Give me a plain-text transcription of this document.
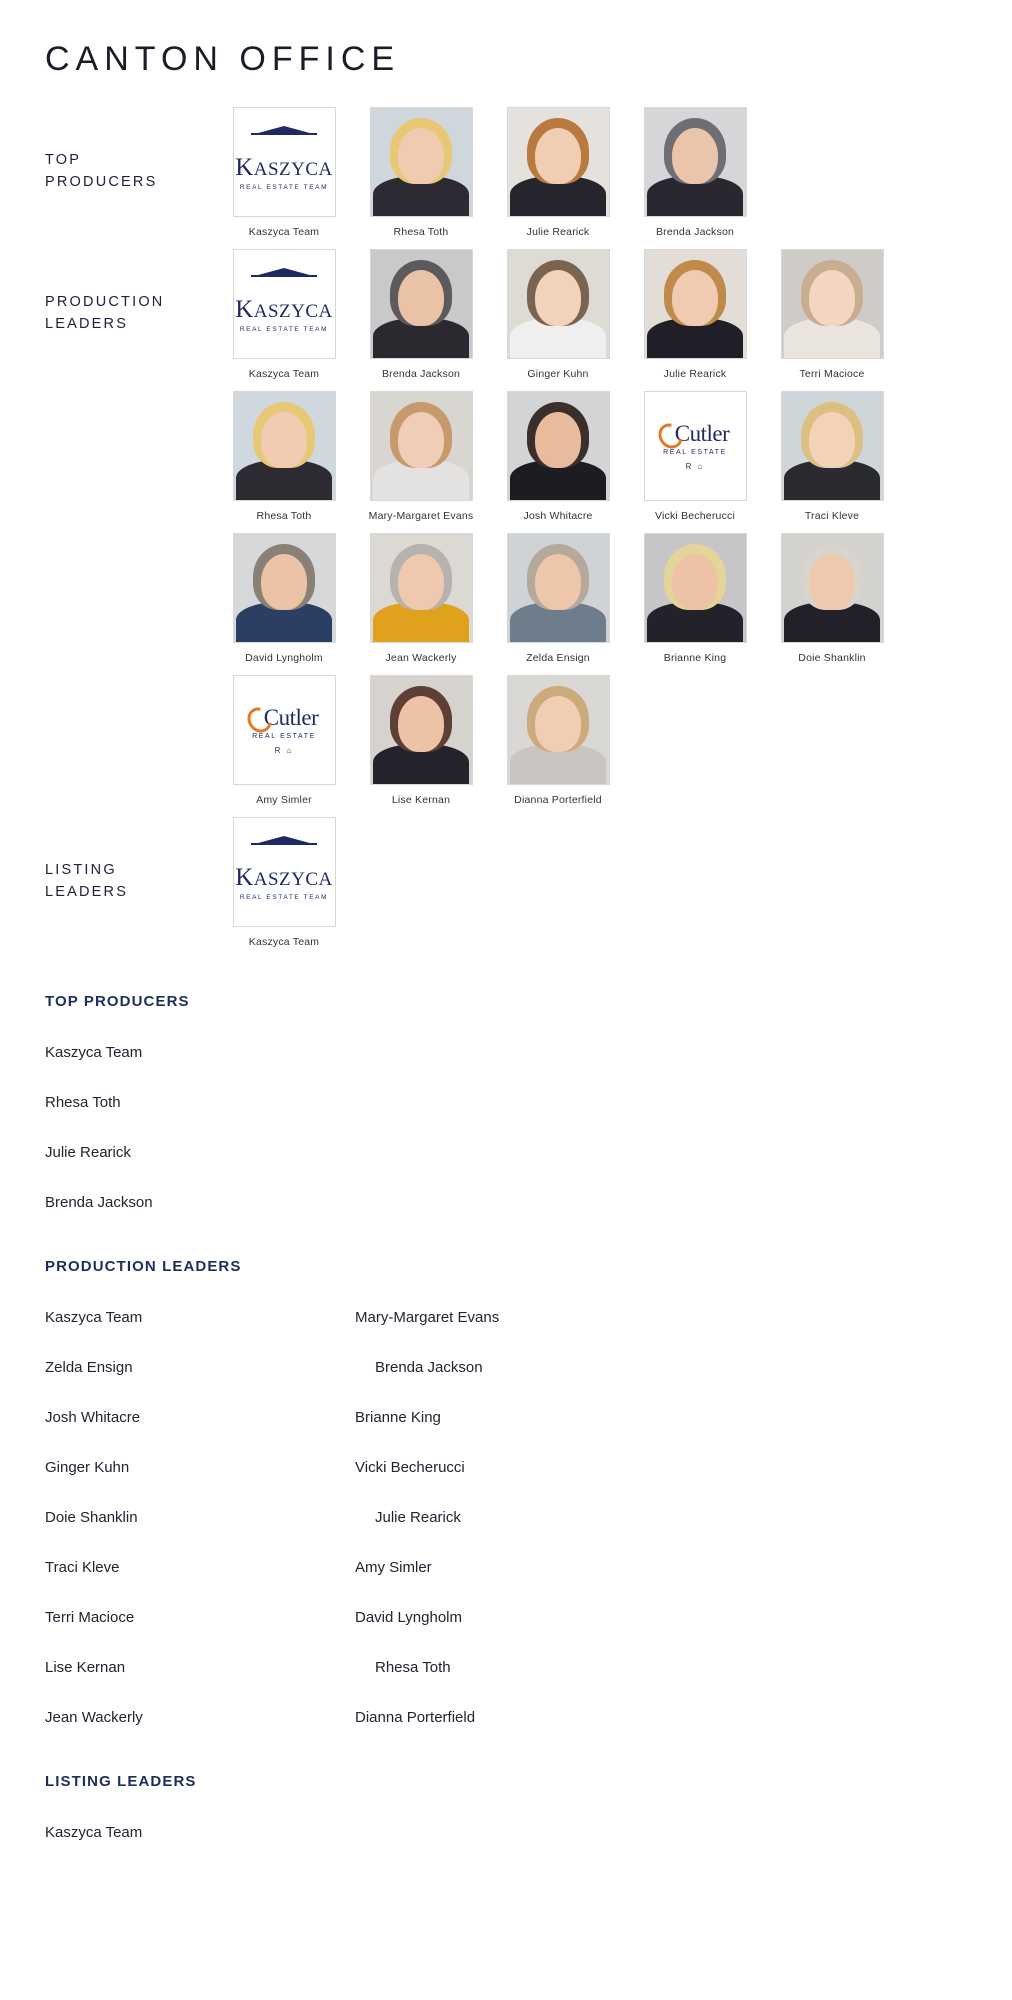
CANTON OFFICE
TOP
PRODUCERS
KASZYCA
REAL ESTATE TEAM
Kaszyca Team	Rhesa Toth	Julie Rearick	Brenda Jackson
PRODUCTION
LEADERS
KASZYCA
REAL ESTATE TEAM
Kaszyca Team	Brenda Jackson	Ginger Kuhn	Julie Rearick	Terri Macioce
Rhesa Toth	Mary-Margaret Evans	Josh Whitacre
Cutler
REAL ESTATE
R ⌂
Vicki Becherucci	Traci Kleve
David Lyngholm	Jean Wackerly	Zelda Ensign	Brianne King	Doie Shanklin
Cutler
REAL ESTATE
R ⌂
Amy Simler	Lise Kernan	Dianna Porterfield
LISTING
LEADERS
KASZYCA
REAL ESTATE TEAM
Kaszyca Team
TOP PRODUCERS
Kaszyca Team
Rhesa Toth
Julie Rearick
Brenda Jackson
PRODUCTION LEADERS
Kaszyca Team	Mary-Margaret Evans
Zelda Ensign	Brenda Jackson
Josh Whitacre	Brianne King
Ginger Kuhn	Vicki Becherucci
Doie Shanklin	Julie Rearick
Traci Kleve	Amy Simler
Terri Macioce	David Lyngholm
Lise Kernan	Rhesa Toth
Jean Wackerly	Dianna Porterfield
LISTING LEADERS
Kaszyca Team
